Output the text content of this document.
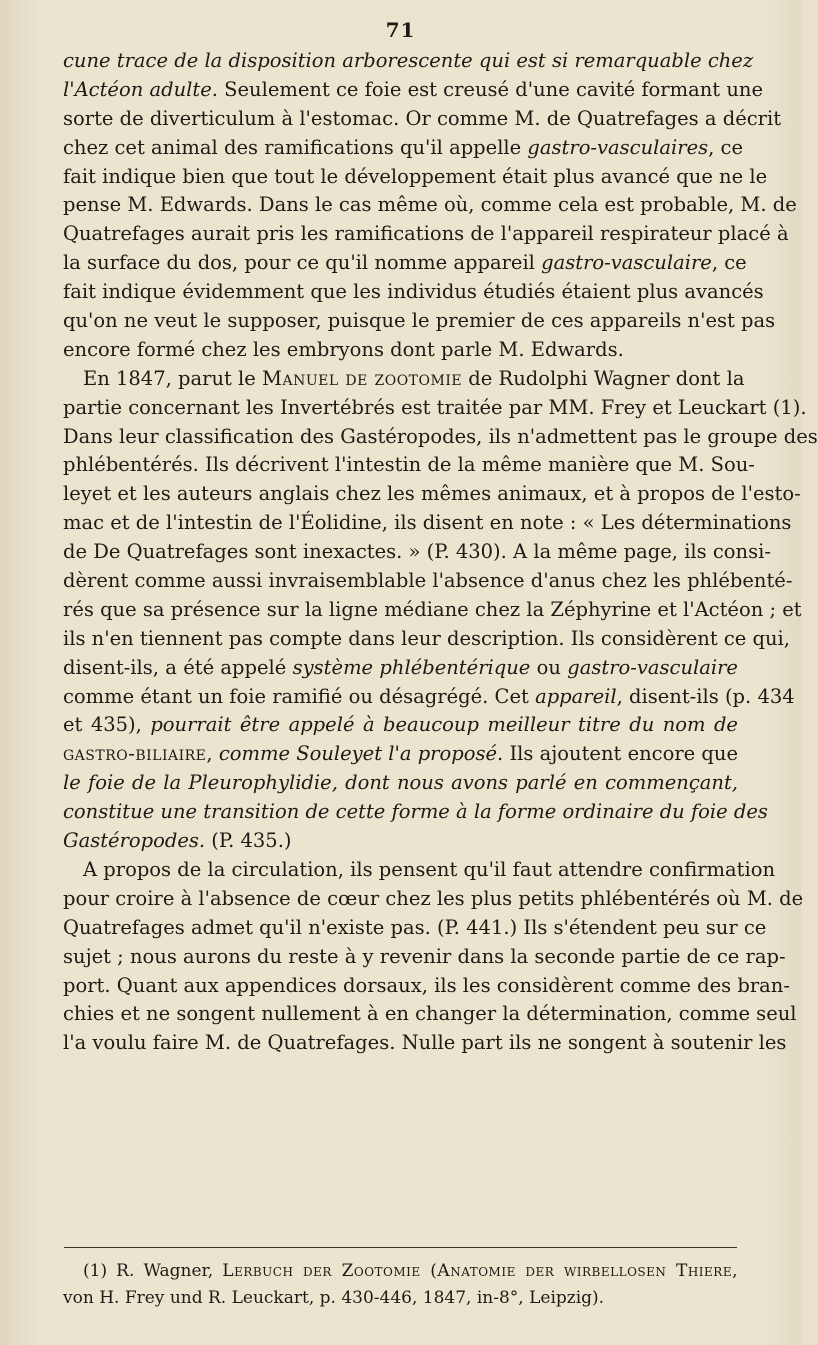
71
cune trace de la disposition arborescente qui est si remarquable chez
l'Actéon adulte. Seulement ce foie est creusé d'une cavité formant une
sorte de diverticulum à l'estomac. Or comme M. de Quatrefages a décrit
chez cet animal des ramifications qu'il appelle gastro-vasculaires, ce
fait indique bien que tout le développement était plus avancé que ne le
pense M. Edwards. Dans le cas même où, comme cela est probable, M. de
Quatrefages aurait pris les ramifications de l'appareil respirateur placé à
la surface du dos, pour ce qu'il nomme appareil gastro-vasculaire, ce
fait indique évidemment que les individus étudiés étaient plus avancés
qu'on ne veut le supposer, puisque le premier de ces appareils n'est pas
encore formé chez les embryons dont parle M. Edwards.
En 1847, parut le Manuel de zootomie de Rudolphi Wagner dont la
partie concernant les Invertébrés est traitée par MM. Frey et Leuckart (1).
Dans leur classification des Gastéropodes, ils n'admettent pas le groupe des
phlébentérés. Ils décrivent l'intestin de la même manière que M. Sou-
leyet et les auteurs anglais chez les mêmes animaux, et à propos de l'esto-
mac et de l'intestin de l'Éolidine, ils disent en note : « Les déterminations
de De Quatrefages sont inexactes. » (P. 430). A la même page, ils consi-
dèrent comme aussi invraisemblable l'absence d'anus chez les phlébenté-
rés que sa présence sur la ligne médiane chez la Zéphyrine et l'Actéon ; et
ils n'en tiennent pas compte dans leur description. Ils considèrent ce qui,
disent-ils, a été appelé système phlébentérique ou gastro-vasculaire
comme étant un foie ramifié ou désagrégé. Cet appareil, disent-ils (p. 434
et 435), pourrait être appelé à beaucoup meilleur titre du nom de
gastro-biliaire, comme Souleyet l'a proposé. Ils ajoutent encore que
le foie de la Pleurophylidie, dont nous avons parlé en commençant,
constitue une transition de cette forme à la forme ordinaire du foie des
Gastéropodes. (P. 435.)
A propos de la circulation, ils pensent qu'il faut attendre confirmation
pour croire à l'absence de cœur chez les plus petits phlébentérés où M. de
Quatrefages admet qu'il n'existe pas. (P. 441.) Ils s'étendent peu sur ce
sujet ; nous aurons du reste à y revenir dans la seconde partie de ce rap-
port. Quant aux appendices dorsaux, ils les considèrent comme des bran-
chies et ne songent nullement à en changer la détermination, comme seul
l'a voulu faire M. de Quatrefages. Nulle part ils ne songent à soutenir les
(1) R. Wagner, Lerbuch der Zootomie (Anatomie der wirbellosen Thiere,
von H. Frey und R. Leuckart, p. 430-446, 1847, in-8°, Leipzig).
